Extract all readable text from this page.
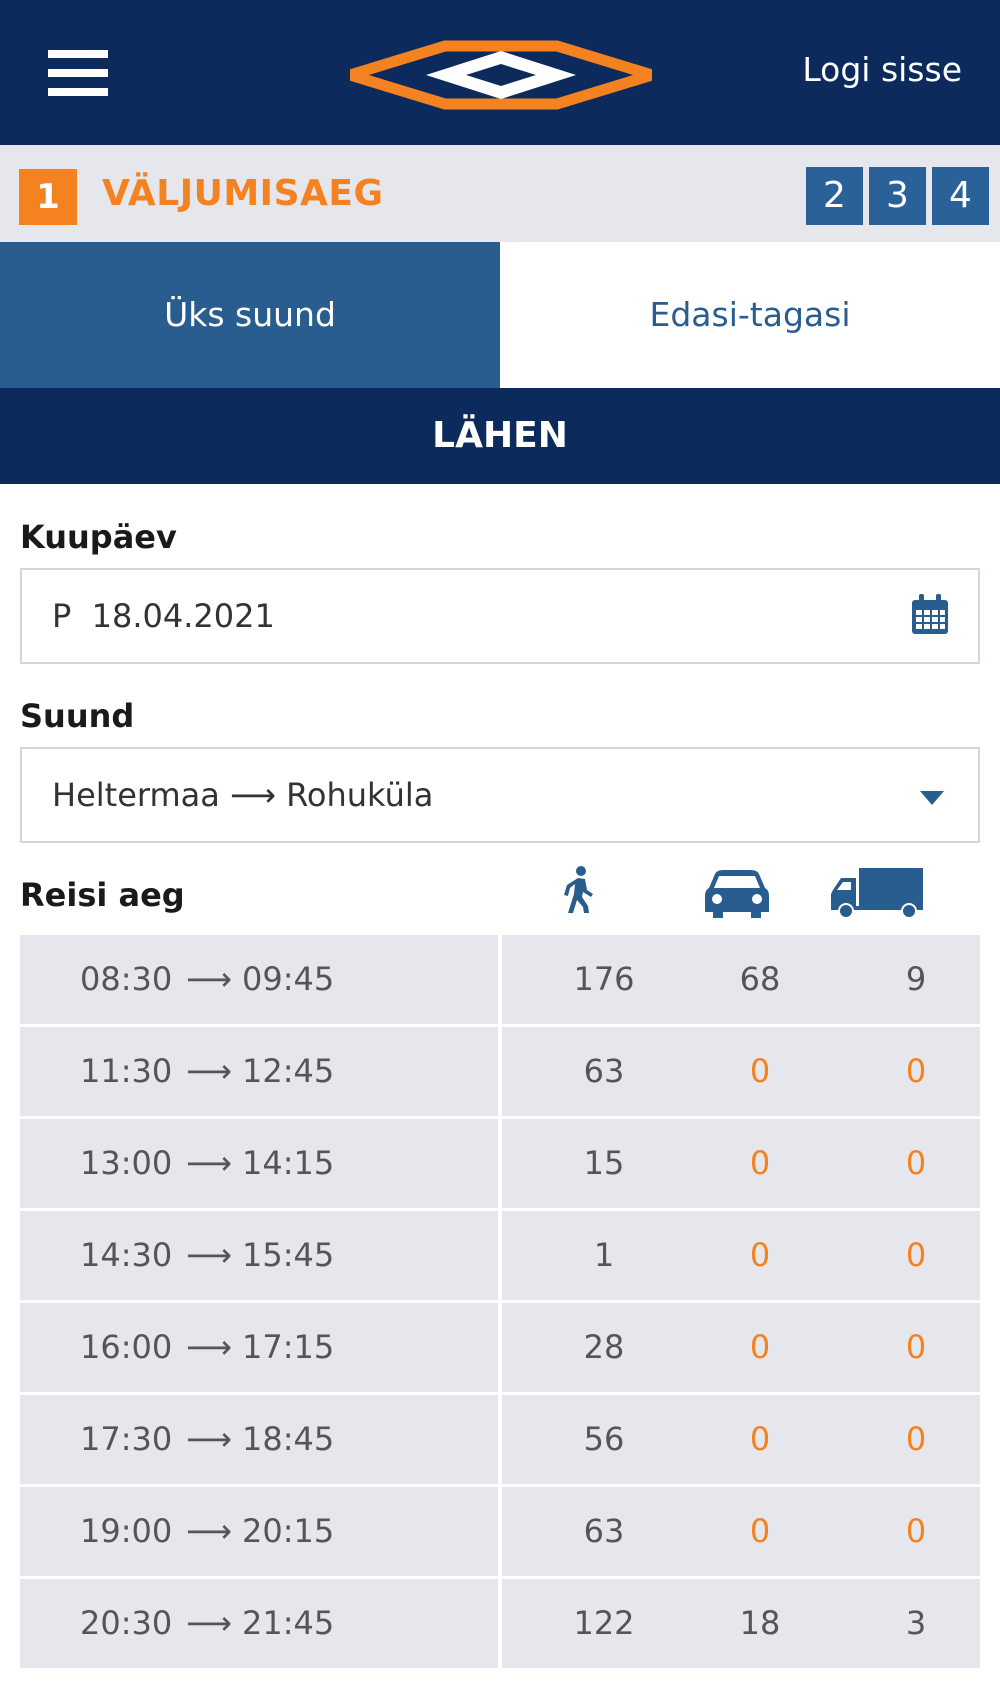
Logi sisse
1	VÄLJUMISAEG	2	3	4
Üks suund	Edasi-tagasi
LÄHEN
Kuupäev
P  18.04.2021
Suund
Heltermaa ⟶ Rohuküla
Reisi aeg
08:30 ⟶ 09:45	176	68	9
11:30 ⟶ 12:45	63	0	0
13:00 ⟶ 14:15	15	0	0
14:30 ⟶ 15:45	1	0	0
16:00 ⟶ 17:15	28	0	0
17:30 ⟶ 18:45	56	0	0
19:00 ⟶ 20:15	63	0	0
20:30 ⟶ 21:45	122	18	3
